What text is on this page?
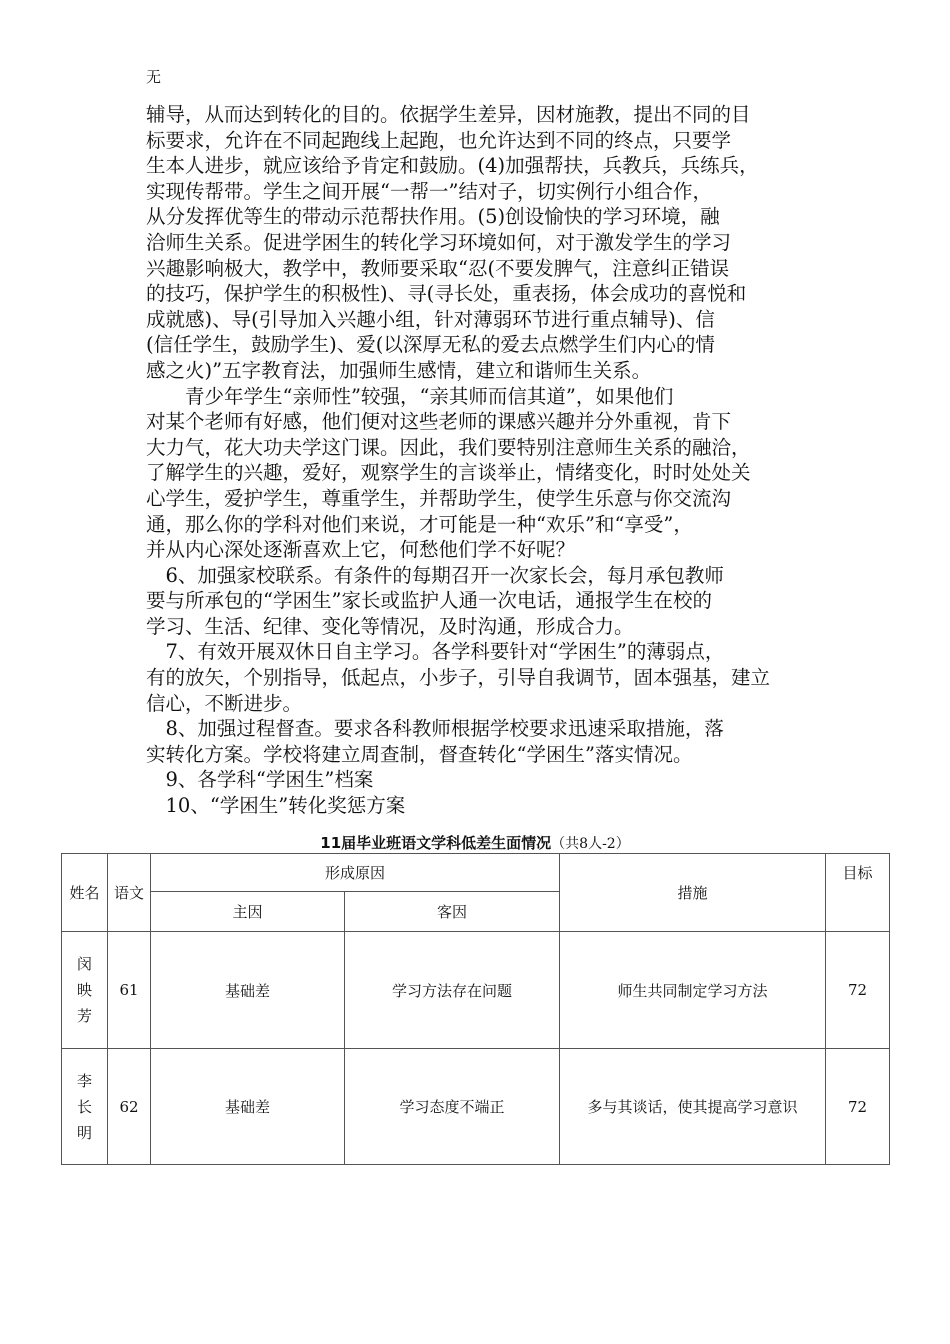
无
辅导，从而达到转化的目的。依据学生差异，因材施教，提出不同的目
标要求，允许在不同起跑线上起跑，也允许达到不同的终点，只要学
生本人进步，就应该给予肯定和鼓励。(4)加强帮扶，兵教兵，兵练兵，
实现传帮带。学生之间开展“一帮一”结对子，切实例行小组合作，
从分发挥优等生的带动示范帮扶作用。(5)创设愉快的学习环境，融
洽师生关系。促进学困生的转化学习环境如何，对于激发学生的学习
兴趣影响极大，教学中，教师要采取“忍(不要发脾气，注意纠正错误
的技巧，保护学生的积极性)、寻(寻长处，重表扬，体会成功的喜悦和
成就感)、导(引导加入兴趣小组，针对薄弱环节进行重点辅导)、信
(信任学生，鼓励学生)、爱(以深厚无私的爱去点燃学生们内心的情
感之火)”五字教育法，加强师生感情，建立和谐师生关系。
　　青少年学生“亲师性”较强，“亲其师而信其道”，如果他们
对某个老师有好感，他们便对这些老师的课感兴趣并分外重视，肯下
大力气，花大功夫学这门课。因此，我们要特别注意师生关系的融洽，
了解学生的兴趣，爱好，观察学生的言谈举止，情绪变化，时时处处关
心学生，爱护学生，尊重学生，并帮助学生，使学生乐意与你交流沟
通，那么你的学科对他们来说，才可能是一种“欢乐”和“享受”，
并从内心深处逐渐喜欢上它，何愁他们学不好呢？
　6、加强家校联系。有条件的每期召开一次家长会，每月承包教师
要与所承包的“学困生”家长或监护人通一次电话，通报学生在校的
学习、生活、纪律、变化等情况，及时沟通，形成合力。
　7、有效开展双休日自主学习。各学科要针对“学困生”的薄弱点，
有的放矢，个别指导，低起点，小步子，引导自我调节，固本强基，建立
信心，不断进步。
　8、加强过程督查。要求各科教师根据学校要求迅速采取措施，落
实转化方案。学校将建立周查制，督查转化“学困生”落实情况。
　9、各学科“学困生”档案
　10、“学困生”转化奖惩方案
11届毕业班语文学科低差生面情况（共8人-2）
姓名	语文	形成原因		措施	目标
		主因	客因		

闵
映
芳	61	基础差	学习方法存在问题	师生共同制定学习方法	72

李
长
明	62	基础差	学习态度不端正	多与其谈话，使其提高学习意识	72
